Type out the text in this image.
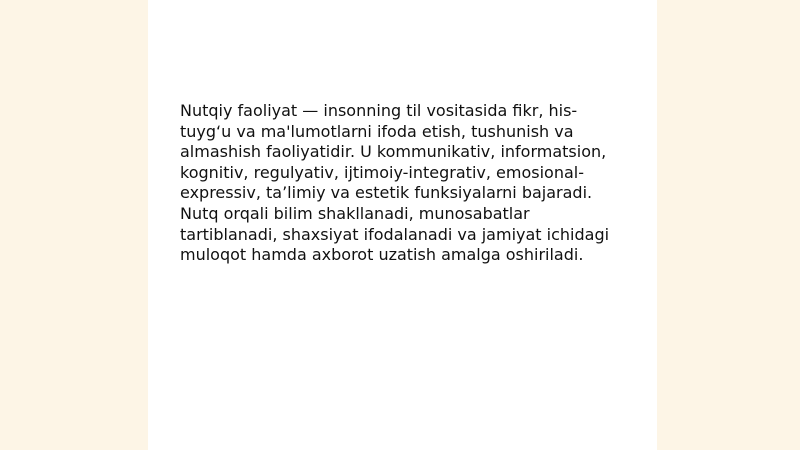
Nutqiy faoliyat — insonning til vositasida fikr, his-
tuyg‘u va ma'lumotlarni ifoda etish, tushunish va
almashish faoliyatidir. U kommunikativ, informatsion,
kognitiv, regulyativ, ijtimoiy-integrativ, emosional-
expressiv, ta’limiy va estetik funksiyalarni bajaradi.
Nutq orqali bilim shakllanadi, munosabatlar
tartiblanadi, shaxsiyat ifodalanadi va jamiyat ichidagi
muloqot hamda axborot uzatish amalga oshiriladi.
